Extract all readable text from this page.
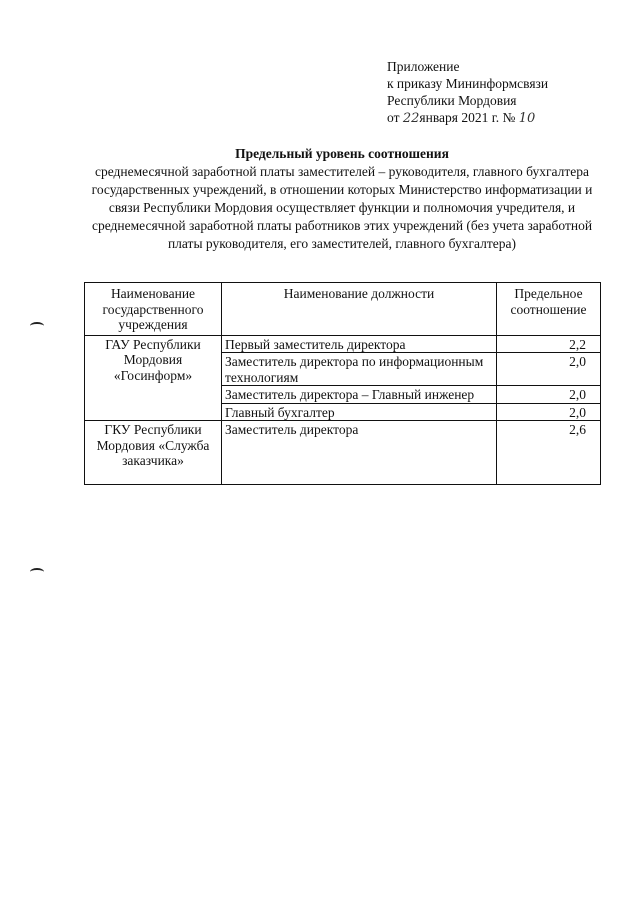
Приложение
к приказу Мининформсвязи
Республики Мордовия
от 22января 2021 г. № 10
Предельный уровень соотношения
среднемесячной заработной платы заместителей – руководителя, главного бухгалтера государственных учреждений, в отношении которых Министерство информатизации и связи Республики Мордовия осуществляет функции и полномочия учредителя, и среднемесячной заработной платы работников этих учреждений (без учета заработной платы руководителя, его заместителей, главного бухгалтера)
Наименование государственного учреждения	Наименование должности	Предельное соотношение
ГАУ Республики Мордовия «Госинформ»	Первый заместитель директора	2,2
	Заместитель директора по информационным технологиям	2,0
	Заместитель директора – Главный инженер	2,0
	Главный бухгалтер	2,0
ГКУ Республики Мордовия «Служба заказчика»	Заместитель директора	2,6
